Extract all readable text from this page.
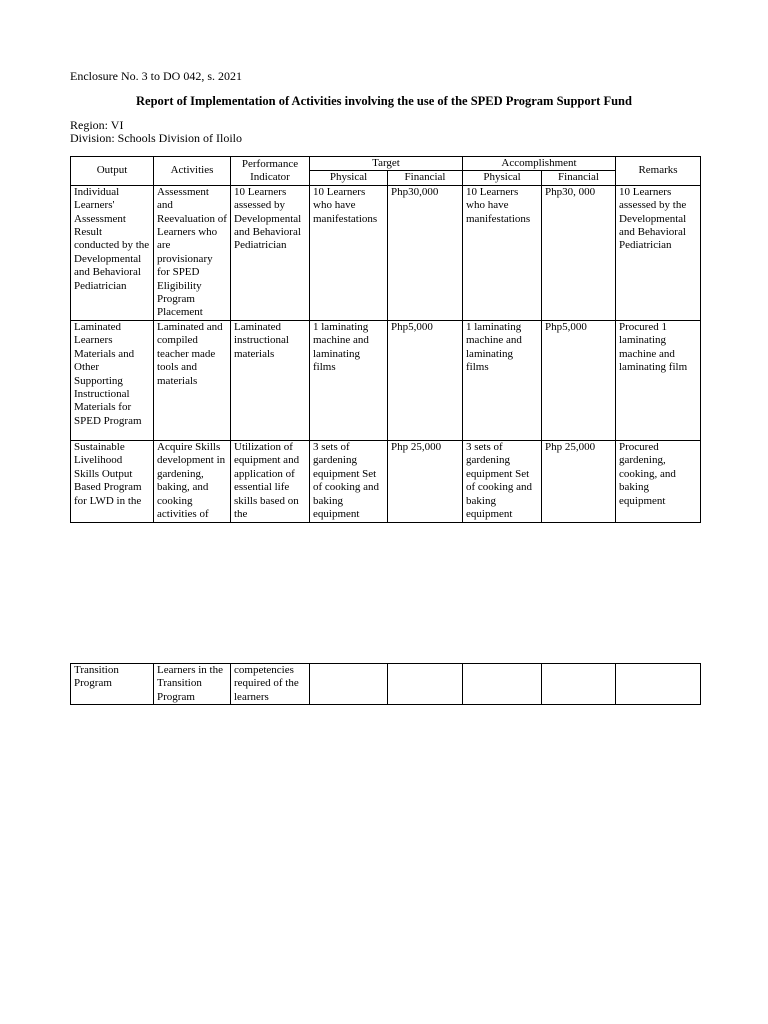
Enclosure No. 3 to DO 042, s. 2021
Report of Implementation of Activities involving the use of the SPED Program Support Fund
Region: VI
Division: Schools Division of Iloilo
Output	Activities	Performance Indicator	Target		Accomplishment		Remarks
			Physical	Financial	Physical	Financial	
Individual Learners' Assessment Result conducted by the Developmental and Behavioral Pediatrician	Assessment and Reevaluation of Learners who are provisionary for SPED Eligibility Program Placement	10 Learners assessed by Developmental and Behavioral Pediatrician	10 Learners who have manifestations	Php30,000	10 Learners who have manifestations	Php30, 000	10 Learners assessed by the Developmental and Behavioral Pediatrician
Laminated Learners Materials and Other Supporting Instructional Materials for SPED Program	Laminated and compiled teacher made tools and materials	Laminated instructional materials	1 laminating machine and laminating films	Php5,000	1 laminating machine and laminating films	Php5,000	Procured 1 laminating machine and laminating film

Sustainable Livelihood Skills Output Based Program for LWD in the	Acquire Skills development in gardening, baking, and cooking activities of	Utilization of equipment and application of essential life skills based on the	3 sets of gardening equipment Set of cooking and baking equipment	Php 25,000	3 sets of gardening equipment Set of cooking and baking equipment	Php 25,000	Procured gardening, cooking, and baking equipment
Transition Program	Learners in the Transition Program	competencies required of the learners					
